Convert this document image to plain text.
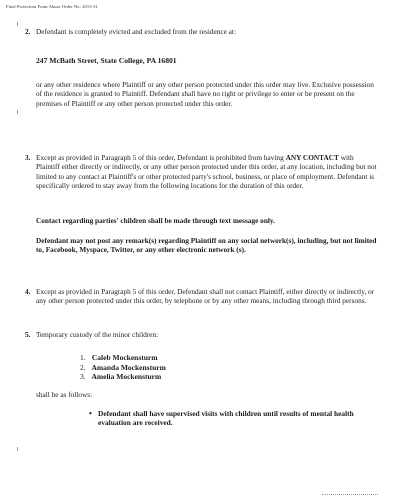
Final Protection From Abuse Order No: 2013-31
2. Defendant is completely evicted and excluded from the residence at:
247 McBath Street, State College, PA 16801
or any other residence where Plaintiff or any other person protected under this order may live. Exclusive possession of the residence is granted to Plaintiff. Defendant shall have no right or privilege to enter or be present on the premises of Plaintiff or any other person protected under this order.
3. Except as provided in Paragraph 5 of this order, Defendant is prohibited from having ANY CONTACT with Plaintiff either directly or indirectly, or any other person protected under this order, at any location, including but not limited to any contact at Plaintiff's or other protected party's school, business, or place of employment. Defendant is specifically ordered to stay away from the following locations for the duration of this order.
Contact regarding parties' children shall be made through text message only.
Defendant may not post any remark(s) regarding Plaintiff on any social network(s), including, but not limited to, Facebook, Myspace, Twitter, or any other electronic network (s).
4. Except as provided in Paragraph 5 of this order, Defendant shall not contact Plaintiff, either directly or indirectly, or any other person protected under this order, by telephone or by any other means, including through third persons.
5. Temporary custody of the minor children:
1. Caleb Mockensturm
2. Amanda Mockensturm
3. Amelia Mockensturm
shall be as follows:
• Defendant shall have supervised visits with children until results of mental health evaluation are received.
